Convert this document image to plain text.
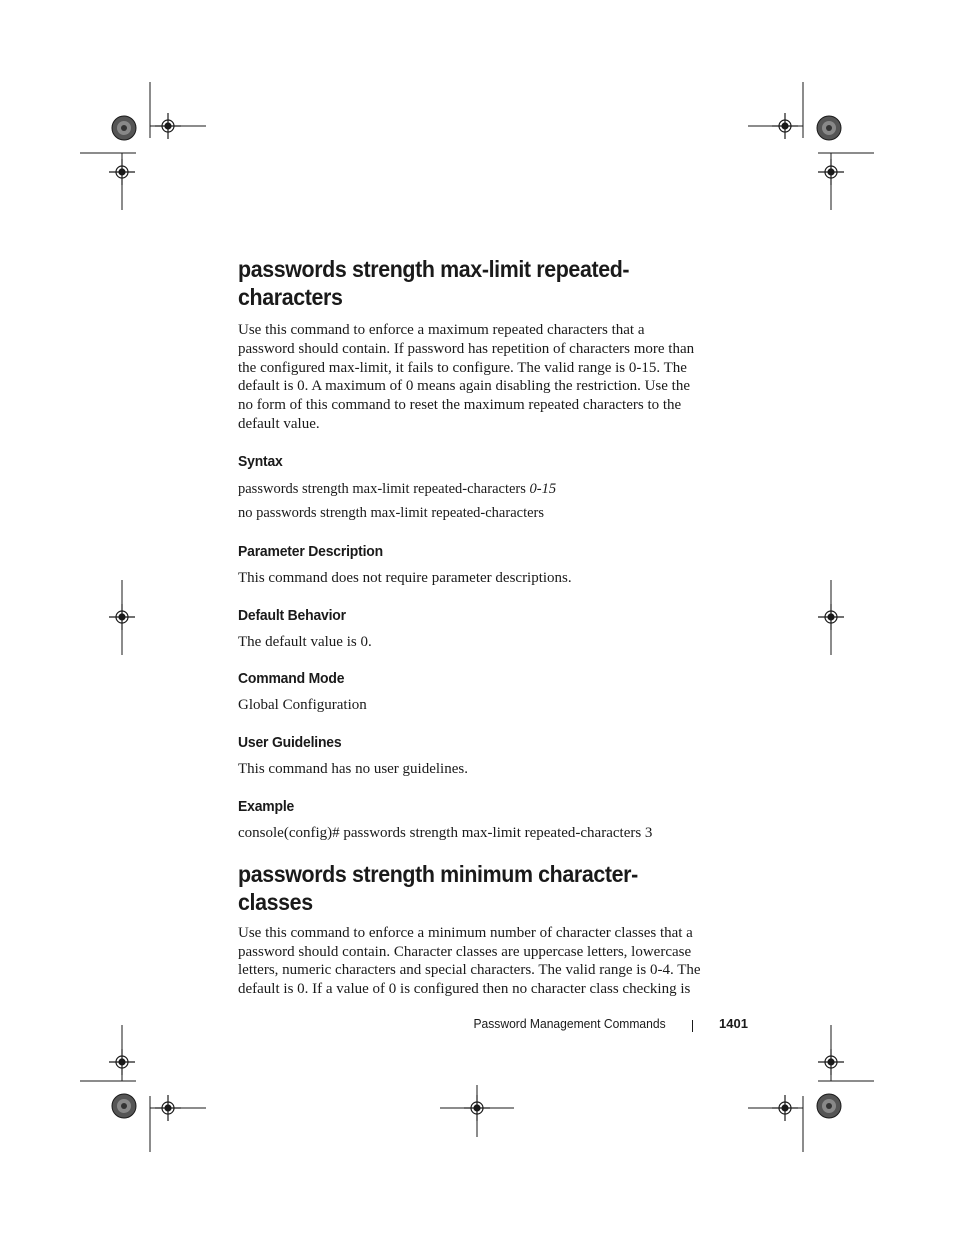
passwords strength max-limit repeated-
characters

Use this command to enforce a maximum repeated characters that a

password should contain. If password has repetition of characters more than

the configured max-limit, it fails to configure. The valid range is 0-15. The

default is 0. A maximum of 0 means again disabling the restriction. Use the

no form of this command to reset the maximum repeated characters to the

default value.

Syntax

passwords strength max-limit repeated-characters 0-15

no passwords strength max-limit repeated-characters

Parameter Description

This command does not require parameter descriptions.

Default Behavior

The default value is 0.

Command Mode

Global Configuration

User Guidelines

This command has no user guidelines.

Example

console(config)# passwords strength max-limit repeated-characters 3

passwords strength minimum character-classes

Use this command to enforce a minimum number of character classes that a

password should contain. Character classes are uppercase letters, lowercase

letters, numeric characters and special characters. The valid range is 0-4. The

default is 0. If a value of 0 is configured then no character class checking is

Password Management Commands	1401
